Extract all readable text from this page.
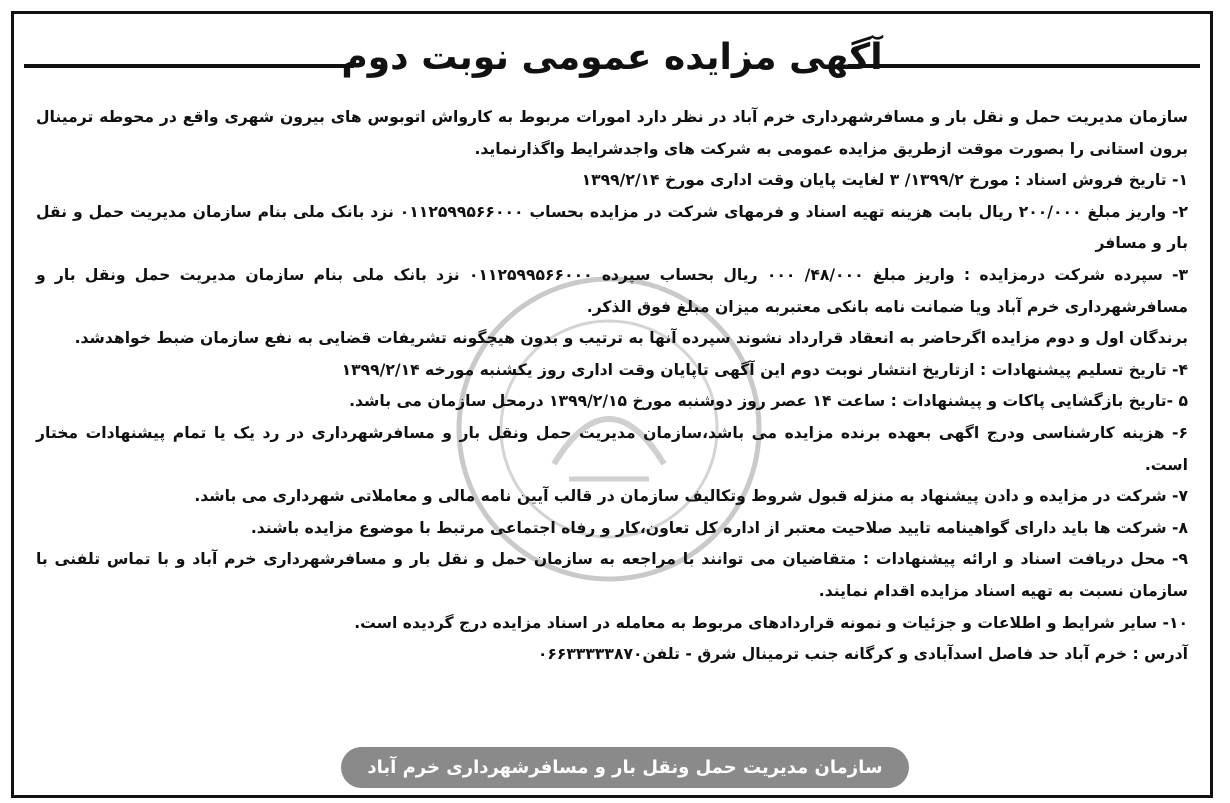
آگهی مزایده عمومی نوبت دوم

سازمان مدیریت حمل و نقل بار و مسافرشهرداری خرم آباد در نظر دارد امورات مربوط به کارواش اتوبوس های بیرون شهری واقع در محوطه ترمینال برون استانی را بصورت موقت ازطریق مزایده عمومی به شرکت های واجدشرایط واگذارنماید.

۱- تاریخ فروش اسناد : مورخ ۱۳۹۹/۲/ ۳ لغایت پایان وقت اداری مورخ ۱۳۹۹/۲/۱۴

۲- واریز مبلغ ۲۰۰/۰۰۰ ریال بابت هزینه تهیه اسناد و فرمهای شرکت در مزایده بحساب ۰۱۱۲۵۹۹۵۶۶۰۰۰ نزد بانک ملی بنام سازمان مدیریت حمل و نقل بار و مسافر

۳- سپرده شرکت درمزایده : واریز مبلغ ۴۸/۰۰۰/ ۰۰۰ ریال بحساب سپرده ۰۱۱۲۵۹۹۵۶۶۰۰۰ نزد بانک ملی بنام سازمان مدیریت حمل ونقل بار و مسافرشهرداری خرم آباد ویا ضمانت نامه بانکی معتبربه میزان مبلغ فوق الذکر.

برندگان اول و دوم مزایده اگرحاضر به انعقاد قرارداد نشوند سپرده آنها به ترتیب و بدون هیچگونه تشریفات قضایی به نفع سازمان ضبط خواهدشد.

۴- تاریخ تسلیم پیشنهادات : ازتاریخ انتشار نوبت دوم این آگهی تاپایان وقت اداری روز یکشنبه مورخه ۱۳۹۹/۲/۱۴

۵ -تاریخ بازگشایی پاکات و پیشنهادات : ساعت ۱۴ عصر روز دوشنبه مورخ ۱۳۹۹/۲/۱۵ درمحل سازمان می باشد.

۶- هزینه کارشناسی ودرج اگهی بعهده برنده مزایده می باشد،سازمان مدیریت حمل ونقل بار و مسافرشهرداری در رد یک یا تمام پیشنهادات مختار است.

۷- شرکت در مزایده و دادن پیشنهاد به منزله قبول شروط وتکالیف سازمان در قالب آیین نامه مالی و معاملاتی شهرداری می باشد.

۸- شرکت ها باید دارای گواهینامه تایید صلاحیت معتبر از اداره کل تعاون،کار و رفاه اجتماعی مرتبط با موضوع مزایده باشند.

۹- محل دریافت اسناد و ارائه پیشنهادات : متقاضیان می توانند با مراجعه به سازمان حمل و نقل بار و مسافرشهرداری خرم آباد و با تماس تلفنی با سازمان نسبت به تهیه اسناد مزایده اقدام نمایند.

۱۰- سایر شرایط و اطلاعات و جزئیات و نمونه قراردادهای مربوط به معامله در اسناد مزایده درج گردیده است.

آدرس : خرم آباد حد فاصل اسدآبادی و کرگانه جنب ترمینال شرق - تلفن۰۶۶۳۳۳۳۳۸۷۰

سازمان مدیریت حمل ونقل بار و مسافرشهرداری خرم آباد
